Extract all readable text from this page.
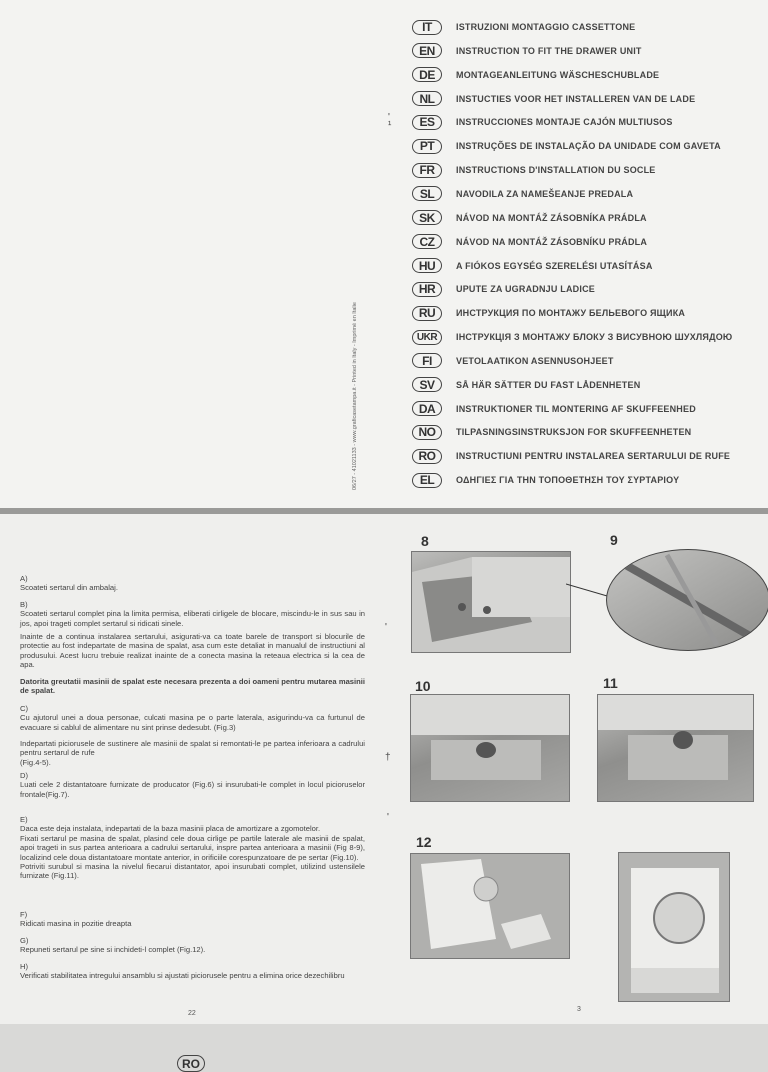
06/27 - 41021133 - www.graficasetampa.it - Printed in Italy - Imprimé en Italie
IT	ISTRUZIONI MONTAGGIO CASSETTONE
EN	INSTRUCTION TO FIT THE DRAWER UNIT
DE	MONTAGEANLEITUNG WÄSCHESCHUBLADE
NL	INSTUCTIES VOOR HET INSTALLEREN VAN DE LADE
ES	INSTRUCCIONES MONTAJE CAJÓN MULTIUSOS
PT	INSTRUÇÕES DE INSTALAÇÃO DA UNIDADE COM GAVETA
FR	INSTRUCTIONS D'INSTALLATION DU SOCLE
SL	NAVODILA ZA NAMEŠEANJE PREDALA
SK	NÁVOD NA MONTÁŽ ZÁSOBNÍKA PRÁDLA
CZ	NÁVOD NA MONTÁŽ ZÁSOBNÍKU PRÁDLA
HU	A FIÓKOS EGYSÉG SZERELÉSI UTASÍTÁSA
HR	UPUTE ZA UGRADNJU LADICE
RU	ИНСТРУКЦИЯ ПО МОНТАЖУ БЕЛЬЕВОГО ЯЩИКА
UKR	ІНСТРУКЦІЯ З МОНТАЖУ БЛОКУ З ВИСУВНОЮ ШУХЛЯДОЮ
FI	VETOLAATIKON ASENNUSOHJEET
SV	SÅ HÄR SÄTTER DU FAST LÅDENHETEN
DA	INSTRUKTIONER TIL MONTERING AF SKUFFEENHED
NO	TILPASNINGSINSTRUKSJON FOR SKUFFEENHETEN
RO	INSTRUCTIUNI PENTRU INSTALAREA SERTARULUI DE RUFE
EL	ΟΔΗΓΙΕΣ ΓΙΑ ΤΗΝ ΤΟΠΟΘΕΤΗΣΗ ΤΟΥ ΣΥΡΤΑΡΙΟΥ
'
¹
8	9
10	11
12
RO
A)
Scoateti sertarul din ambalaj.
B)
Scoateti sertarul complet pina la limita permisa, eliberati cirligele de blocare, miscindu-le in sus sau in jos, apoi trageti complet sertarul si ridicati sinele.
Inainte de a continua instalarea sertarului, asigurati-va ca toate barele de transport si blocurile de protectie au fost indepartate de masina de spalat, asa cum este detaliat in manualul de instructiuni al produsului. Acest lucru trebuie realizat inainte de a conecta masina la reteaua electrica si la cea de apa.
Datorita greutatii masinii de spalat este necesara prezenta a doi oameni pentru mutarea masinii de spalat.
C)
Cu ajutorul unei a doua personae, culcati masina pe o parte laterala, asigurindu-va ca furtunul de evacuare si cablul de alimentare nu sint prinse dedesubt. (Fig.3)
Indepartati picioruselе de sustinere ale masinii de spalat si remontati-le pe partea inferioara a cadrului pentru sertarul de rufe
(Fig.4-5).
D)
Luati cele 2 distantatoare furnizate de producator (Fig.6) si insurubati-le complet in locul picioruselor frontale(Fig.7).
E)
Daca este deja instalata, indepartati de la baza masinii placa de amortizare a zgomotelor.
Fixati sertarul pe masina de spalat, plasind cele doua cirlige pe partile laterale ale masinii de spalat, apoi trageti in sus partea anterioara a cadrului sertarului, inspre partea anterioara a masinii (Fig 8-9), localizind cele doua distantatoare montate anterior, in orificiile corespunzatoare de pe sertar (Fig.10).
Potriviti surubul si masina la nivelul fiecarui distantator, apoi insurubati complet, utilizind ustensilele furnizate (Fig.11).
F)
Ridicati masina in pozitie dreapta
G)
Repuneti sertarul pe sine si inchideti-l complet (Fig.12).
H)
Verificati stabilitatea intregului ansamblu si ajustati picioruselе pentru a elimina orice dezechilibru
'
†
'
22
3
